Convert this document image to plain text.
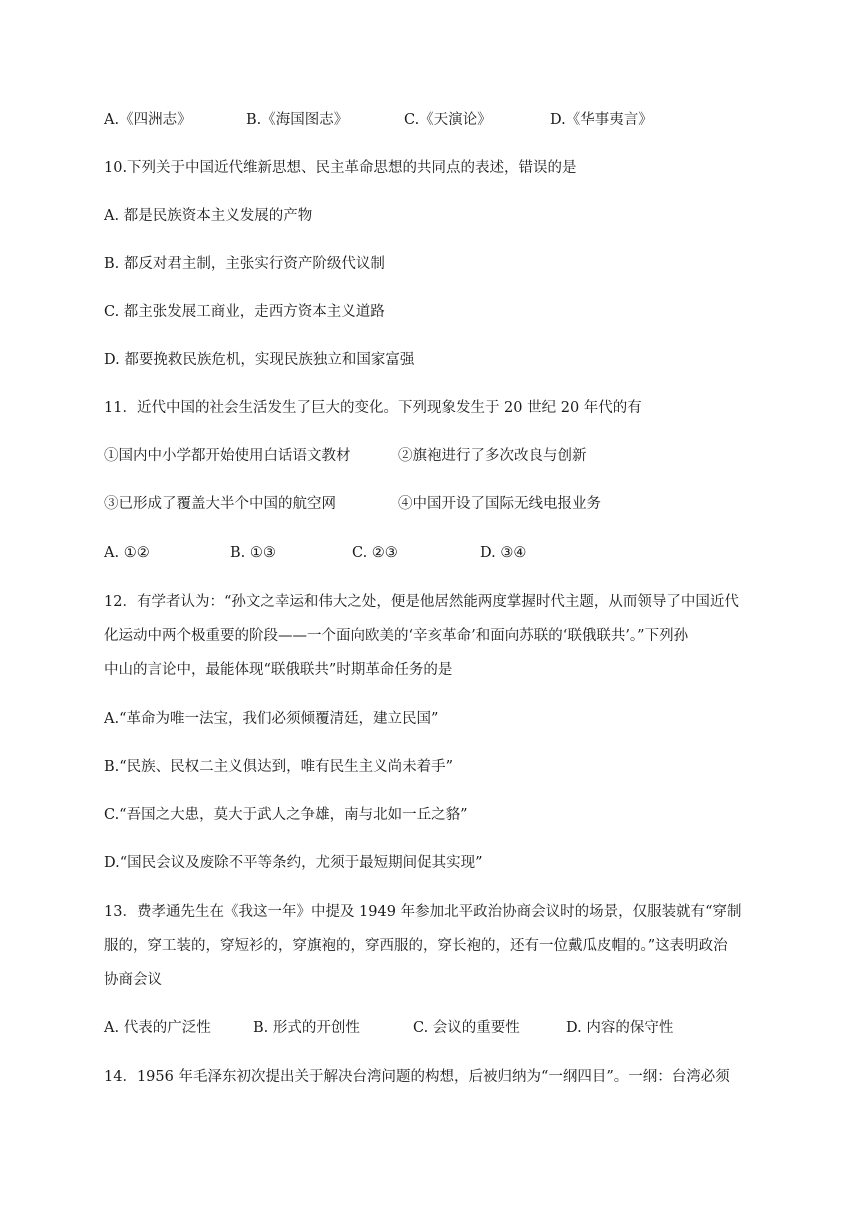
A.《四洲志》	B.《海国图志》	C.《天演论》	D.《华事夷言》
10.下列关于中国近代维新思想、民主革命思想的共同点的表述，错误的是
A. 都是民族资本主义发展的产物
B. 都反对君主制，主张实行资产阶级代议制
C. 都主张发展工商业，走西方资本主义道路
D. 都要挽救民族危机，实现民族独立和国家富强
11．近代中国的社会生活发生了巨大的变化。下列现象发生于 20 世纪 20 年代的有
①国内中小学都开始使用白话语文教材	②旗袍进行了多次改良与创新
③已形成了覆盖大半个中国的航空网	④中国开设了国际无线电报业务
A. ①②	B. ①③	C. ②③	D. ③④
12．有学者认为：“孙文之幸运和伟大之处，便是他居然能两度掌握时代主题，从而领导了中国近代
化运动中两个极重要的阶段——一个面向欧美的‘辛亥革命’和面向苏联的‘联俄联共’。”下列孙
中山的言论中，最能体现“联俄联共”时期革命任务的是
A.“革命为唯一法宝，我们必须倾覆清廷，建立民国”
B.“民族、民权二主义俱达到，唯有民生主义尚未着手”
C.“吾国之大患，莫大于武人之争雄，南与北如一丘之貉”
D.“国民会议及废除不平等条约，尤须于最短期间促其实现”
13．费孝通先生在《我这一年》中提及 1949 年参加北平政治协商会议时的场景，仅服装就有“穿制
服的，穿工装的，穿短衫的，穿旗袍的，穿西服的，穿长袍的，还有一位戴瓜皮帽的。”这表明政治
协商会议
A. 代表的广泛性	B. 形式的开创性	C. 会议的重要性	D. 内容的保守性
14．1956 年毛泽东初次提出关于解决台湾问题的构想，后被归纳为“一纲四目”。一纲：台湾必须
